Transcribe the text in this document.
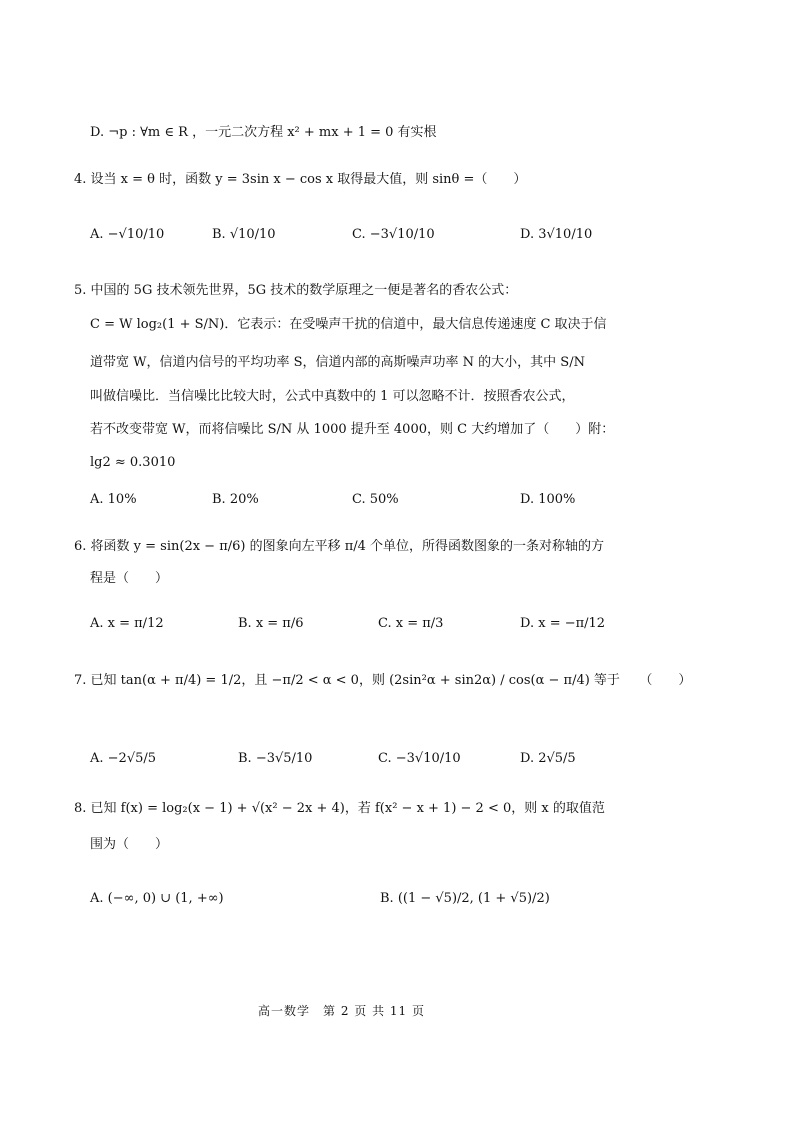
D. ¬p : ∀m ∈ R ，一元二次方程 x² + mx + 1 = 0 有实根
4. 设当 x = θ 时，函数 y = 3sin x − cos x 取得最大值，则 sinθ =（　　）
A. −√10/10	B. √10/10	C. −3√10/10	D. 3√10/10
5. 中国的 5G 技术领先世界，5G 技术的数学原理之一便是著名的香农公式：
C = W log₂(1 + S/N)．它表示：在受噪声干扰的信道中，最大信息传递速度 C 取决于信
道带宽 W，信道内信号的平均功率 S，信道内部的高斯噪声功率 N 的大小，其中 S/N
叫做信噪比．当信噪比比较大时，公式中真数中的 1 可以忽略不计．按照香农公式，
若不改变带宽 W，而将信噪比 S/N 从 1000 提升至 4000，则 C 大约增加了（　　）附：
lg2 ≈ 0.3010
A. 10%	B. 20%	C. 50%	D. 100%
6. 将函数 y = sin(2x − π/6) 的图象向左平移 π/4 个单位，所得函数图象的一条对称轴的方
程是（　　）
A. x = π/12	B. x = π/6	C. x = π/3	D. x = −π/12
7. 已知 tan(α + π/4) = 1/2，且 −π/2 < α < 0，则 (2sin²α + sin2α) / cos(α − π/4) 等于　　（　　）
A. −2√5/5	B. −3√5/10	C. −3√10/10	D. 2√5/5
8. 已知 f(x) = log₂(x − 1) + √(x² − 2x + 4)，若 f(x² − x + 1) − 2 < 0，则 x 的取值范
围为（　　）
A. (−∞, 0) ∪ (1, +∞)	B. ((1 − √5)/2, (1 + √5)/2)
高一数学　第 2 页 共 11 页
